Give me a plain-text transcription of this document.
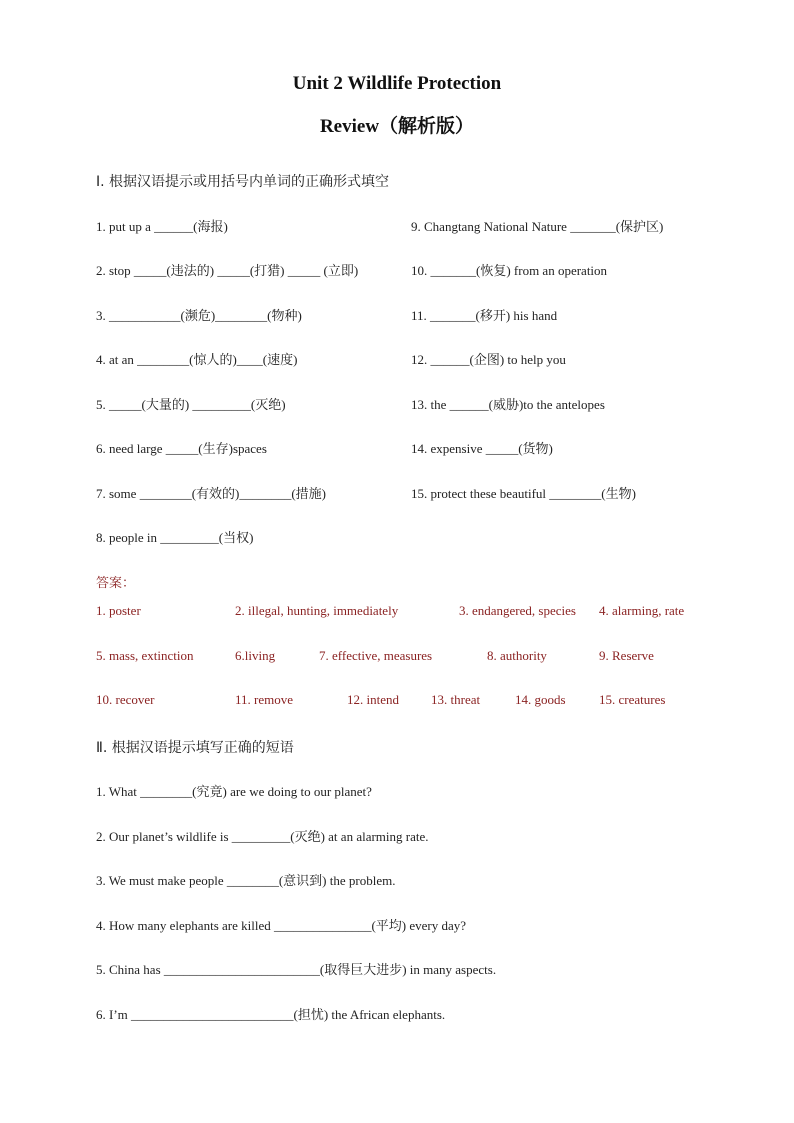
Unit 2 Wildlife Protection
Review（解析版）
Ⅰ. 根据汉语提示或用括号内单词的正确形式填空
1. put up a ______(海报)
2. stop _____(违法的) _____(打猎) _____ (立即)
3. ___________(濒危)________(物种)
4. at an ________(惊人的)____(速度)
5. _____(大量的) _________(灭绝)
6. need large _____(生存)spaces
7. some ________(有效的)________(措施)
8. people in _________(当权)
9. Changtang National Nature _______(保护区)
10. _______(恢复) from an operation
11. _______(移开) his hand
12. ______(企图) to help you
13. the ______(威胁)to the antelopes
14. expensive _____(货物)
15. protect these beautiful ________(生物)
答案：
1. poster	2. illegal, hunting, immediately	3. endangered, species 4. alarming, rate
5. mass, extinction	6.living	7. effective, measures	8. authority	9. Reserve
10. recover	11. remove	12. intend 13. threat	14. goods	15. creatures
Ⅱ. 根据汉语提示填写正确的短语
1. What ________(究竟) are we doing to our planet?
2. Our planet’s wildlife is _________(灭绝) at an alarming rate.
3. We must make people ________(意识到) the problem.
4. How many elephants are killed _______________(平均) every day?
5. China has ________________________(取得巨大进步) in many aspects.
6. I’m _________________________(担忧) the African elephants.
